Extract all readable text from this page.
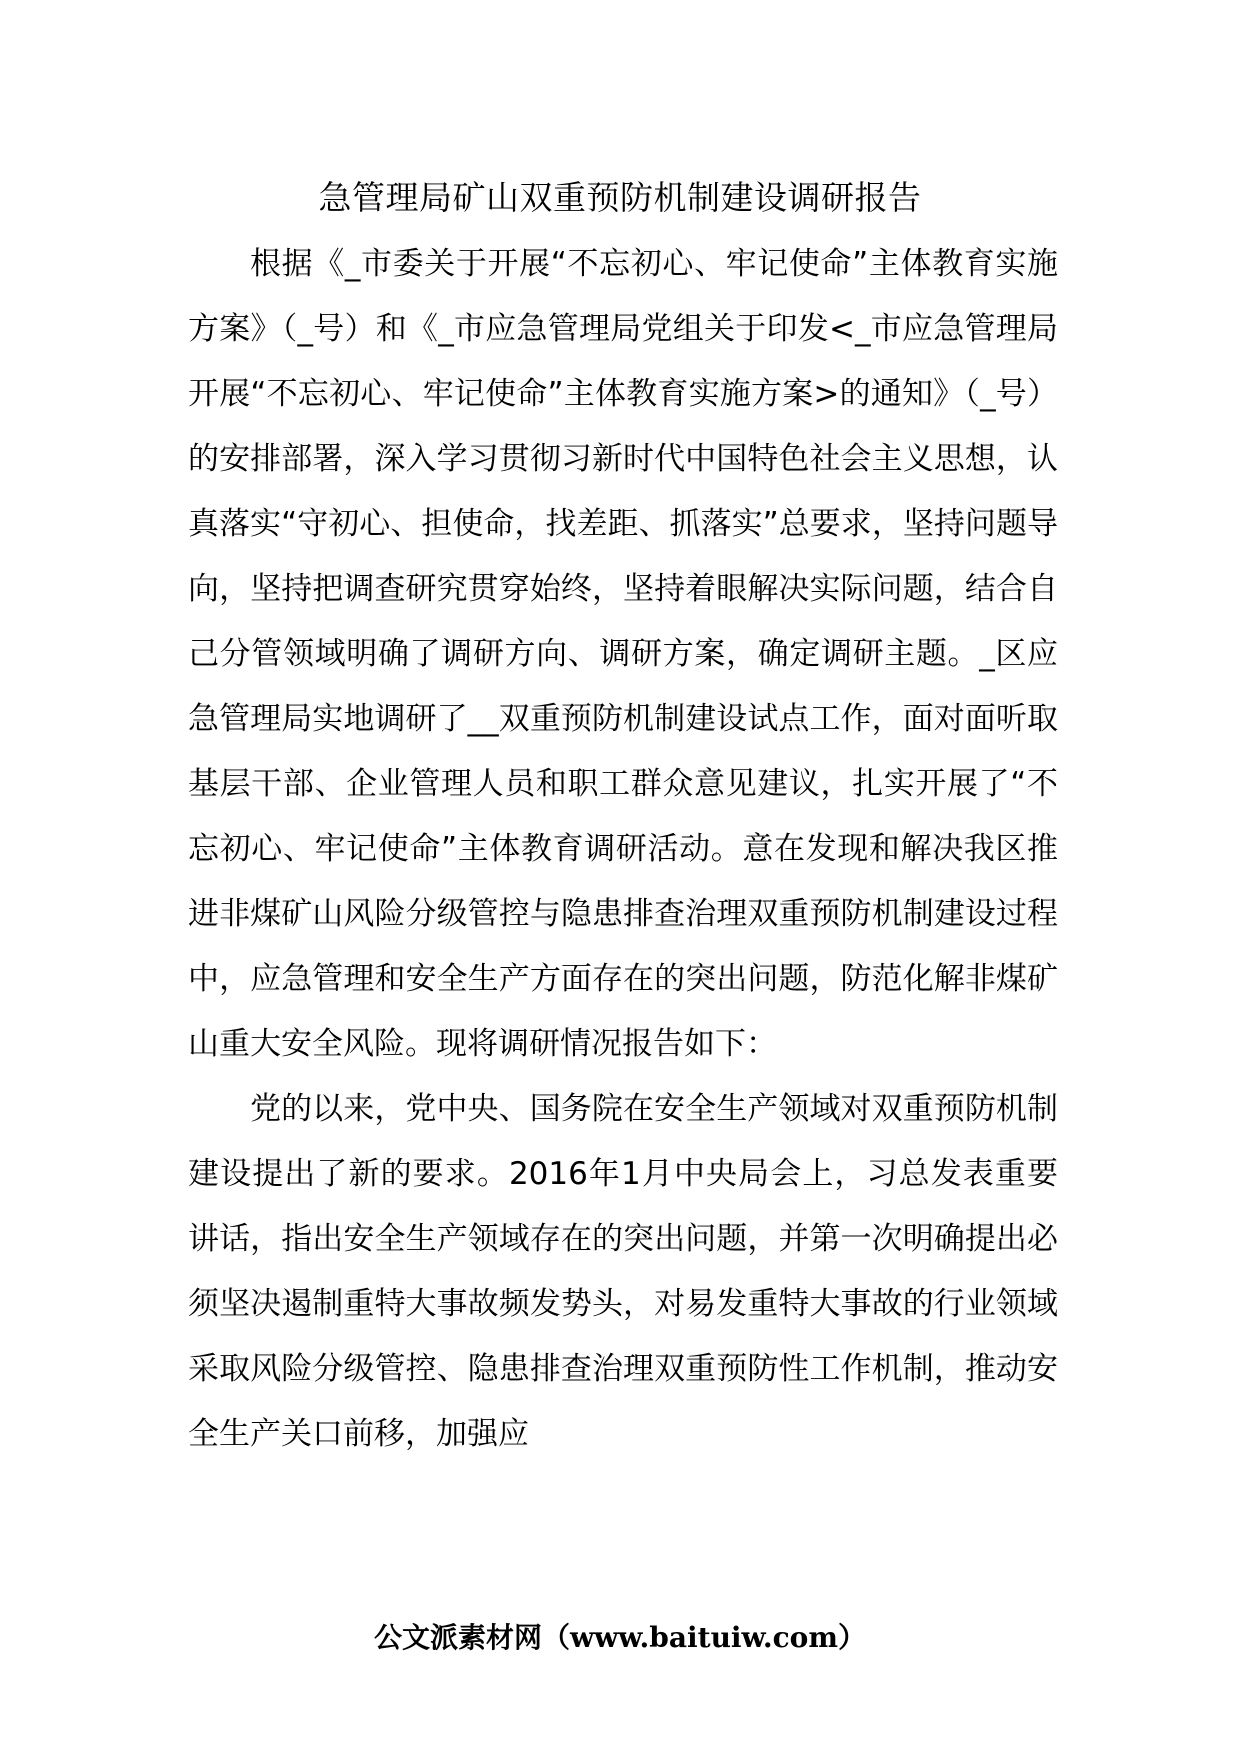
急管理局矿山双重预防机制建设调研报告

根据《_市委关于开展“不忘初心、牢记使命”主体教育实施方案》（_号）和《_市应急管理局党组关于印发<_市应急管理局开展“不忘初心、牢记使命”主体教育实施方案>的通知》（_号）的安排部署，深入学习贯彻习新时代中国特色社会主义思想，认真落实“守初心、担使命，找差距、抓落实”总要求，坚持问题导向，坚持把调查研究贯穿始终，坚持着眼解决实际问题，结合自己分管领域明确了调研方向、调研方案，确定调研主题。_区应急管理局实地调研了__双重预防机制建设试点工作，面对面听取基层干部、企业管理人员和职工群众意见建议，扎实开展了“不忘初心、牢记使命”主体教育调研活动。意在发现和解决我区推进非煤矿山风险分级管控与隐患排查治理双重预防机制建设过程中，应急管理和安全生产方面存在的突出问题，防范化解非煤矿山重大安全风险。现将调研情况报告如下：

党的以来，党中央、国务院在安全生产领域对双重预防机制建设提出了新的要求。2016年1月中央局会上，习总发表重要讲话，指出安全生产领域存在的突出问题，并第一次明确提出必须坚决遏制重特大事故频发势头，对易发重特大事故的行业领域采取风险分级管控、隐患排查治理双重预防性工作机制，推动安全生产关口前移，加强应

公文派素材网（www.baituiw.com）
